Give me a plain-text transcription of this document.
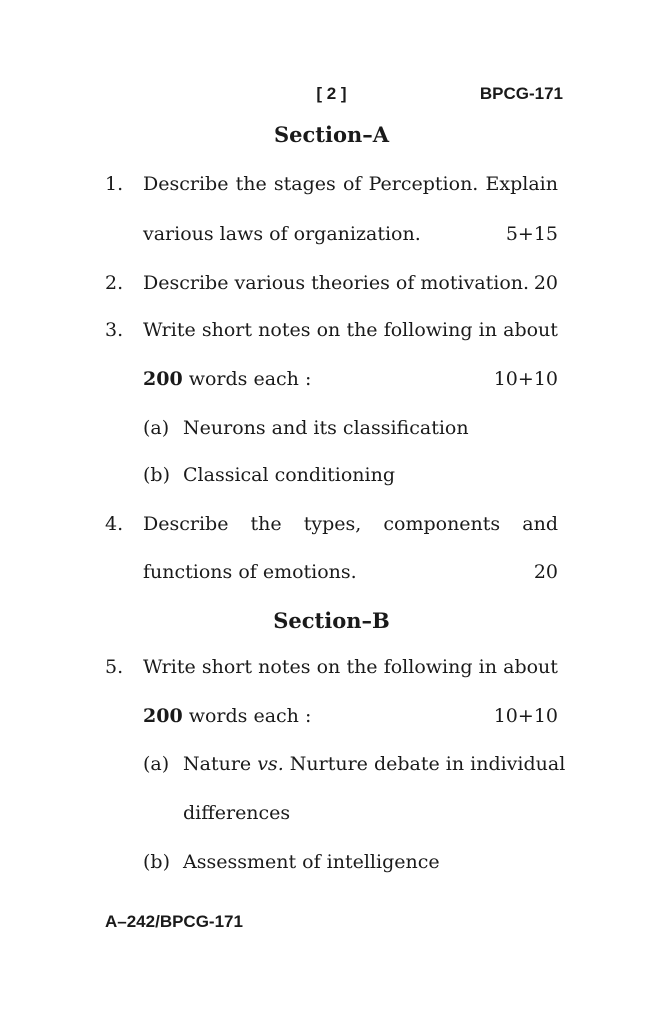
[ 2 ]	BPCG-171
Section–A
1. Describe the stages of Perception. Explain
various laws of organization.	5+15
2. Describe various theories of motivation. 20
3. Write short notes on the following in about
200 words each :	10+10
(a) Neurons and its classification
(b) Classical conditioning
4. Describe the types, components and
functions of emotions.	20
Section–B
5. Write short notes on the following in about
200 words each :	10+10
(a) Nature vs. Nurture debate in individual
differences
(b) Assessment of intelligence
A–242/BPCG-171
